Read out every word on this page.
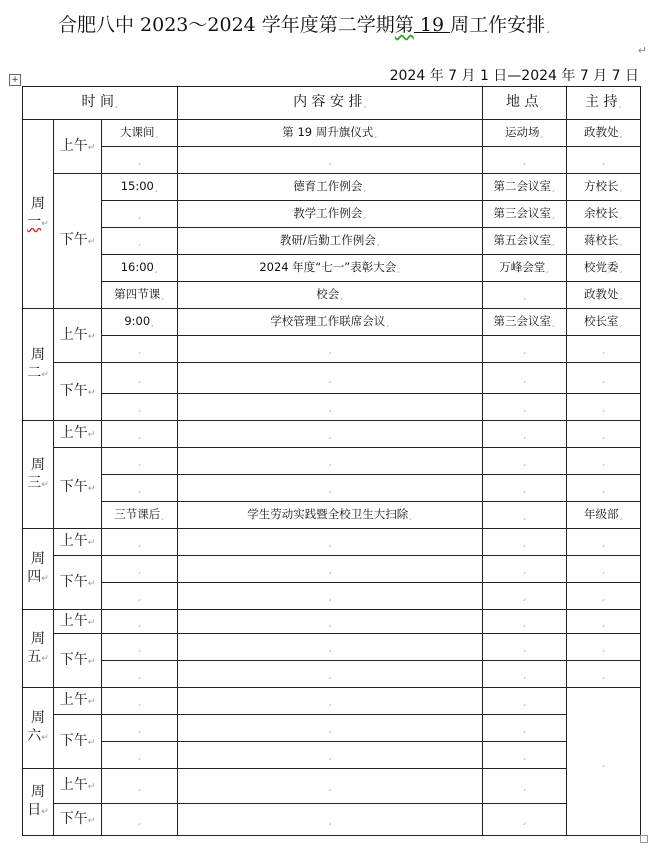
合肥八中 2023～2024 学年度第二学期第 19 周工作安排¸
↵
+	2024 年 7 月 1 日—2024 年 7 月 7 日
时 间¸			内 容 安 排¸	地 点¸	主 持¸
周
一↵	上午↵	大课间¸	第 19 周升旗仪式¸	运动场¸	政教处¸
		¸	¸	¸	¸
	下午↵	15:00¸	德育工作例会¸	第二会议室¸	方校长¸
		¸	教学工作例会¸	第三会议室¸	余校长¸
		¸	教研/后勤工作例会¸	第五会议室¸	蒋校长¸
		16:00¸	2024 年度“七一”表彰大会¸	万峰会堂¸	校党委¸
		第四节课¸	校会¸	¸	政教处¸
周
二↵	上午↵	9:00¸	学校管理工作联席会议¸	第三会议室¸	校长室¸
		¸	¸	¸	¸
	下午↵	¸	¸	¸	¸
		¸	¸	¸	¸
周
三↵	上午↵	¸	¸	¸	¸
	下午↵	¸	¸	¸	¸
		¸	¸	¸	¸
		三节课后¸	学生劳动实践暨全校卫生大扫除¸	¸	年级部¸
周
四↵	上午↵	¸	¸	¸	¸
	下午↵	¸	¸	¸	¸
		¸	¸	¸	¸
周
五↵	上午↵	¸	¸	¸	¸
	下午↵	¸	¸	¸	¸
		¸	¸	¸	¸
周
六↵	上午↵	¸	¸	¸	¸
	下午↵	¸	¸	¸	
		¸	¸	¸	
周
日↵	上午↵	¸	¸	¸	
	下午↵	¸	¸	¸	
